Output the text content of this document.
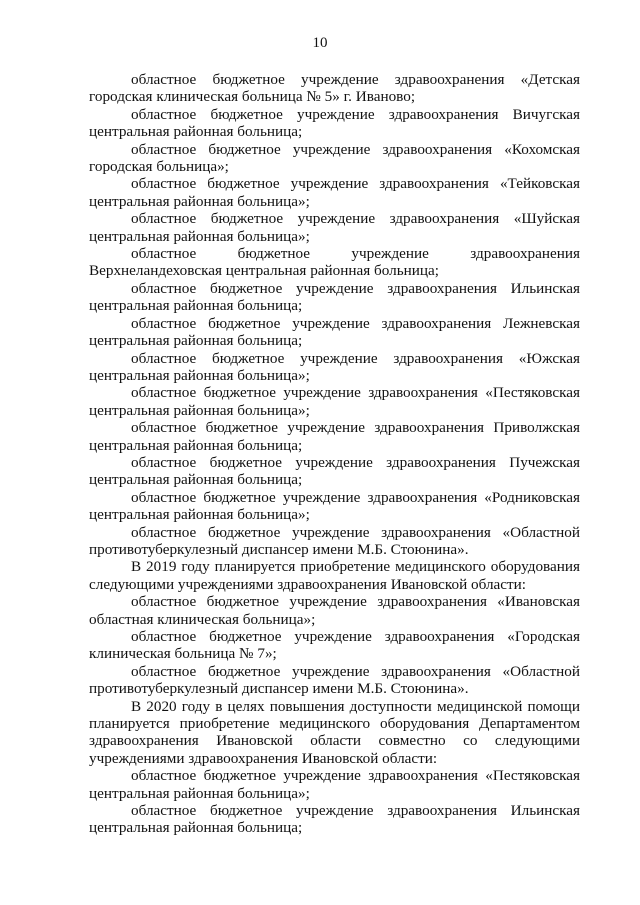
10

областное бюджетное учреждение здравоохранения «Детская городская клиническая больница № 5» г. Иваново;

областное бюджетное учреждение здравоохранения Вичугская центральная районная больница;

областное бюджетное учреждение здравоохранения «Кохомская городская больница»;

областное бюджетное учреждение здравоохранения «Тейковская центральная районная больница»;

областное бюджетное учреждение здравоохранения «Шуйская центральная районная больница»;

областное бюджетное учреждение здравоохранения Верхнеландеховская центральная районная больница;

областное бюджетное учреждение здравоохранения Ильинская центральная районная больница;

областное бюджетное учреждение здравоохранения Лежневская центральная районная больница;

областное бюджетное учреждение здравоохранения «Южская центральная районная больница»;

областное бюджетное учреждение здравоохранения «Пестяковская центральная районная больница»;

областное бюджетное учреждение здравоохранения Приволжская центральная районная больница;

областное бюджетное учреждение здравоохранения Пучежская центральная районная больница;

областное бюджетное учреждение здравоохранения «Родниковская центральная районная больница»;

областное бюджетное учреждение здравоохранения «Областной противотуберкулезный диспансер имени М.Б. Стоюнина».

В 2019 году планируется приобретение медицинского оборудования следующими учреждениями здравоохранения Ивановской области:

областное бюджетное учреждение здравоохранения «Ивановская областная клиническая больница»;

областное бюджетное учреждение здравоохранения «Городская клиническая больница № 7»;

областное бюджетное учреждение здравоохранения «Областной противотуберкулезный диспансер имени М.Б. Стоюнина».

В 2020 году в целях повышения доступности медицинской помощи планируется приобретение медицинского оборудования Департаментом здравоохранения Ивановской области совместно со следующими учреждениями здравоохранения Ивановской области:

областное бюджетное учреждение здравоохранения «Пестяковская центральная районная больница»;

областное бюджетное учреждение здравоохранения Ильинская центральная районная больница;
